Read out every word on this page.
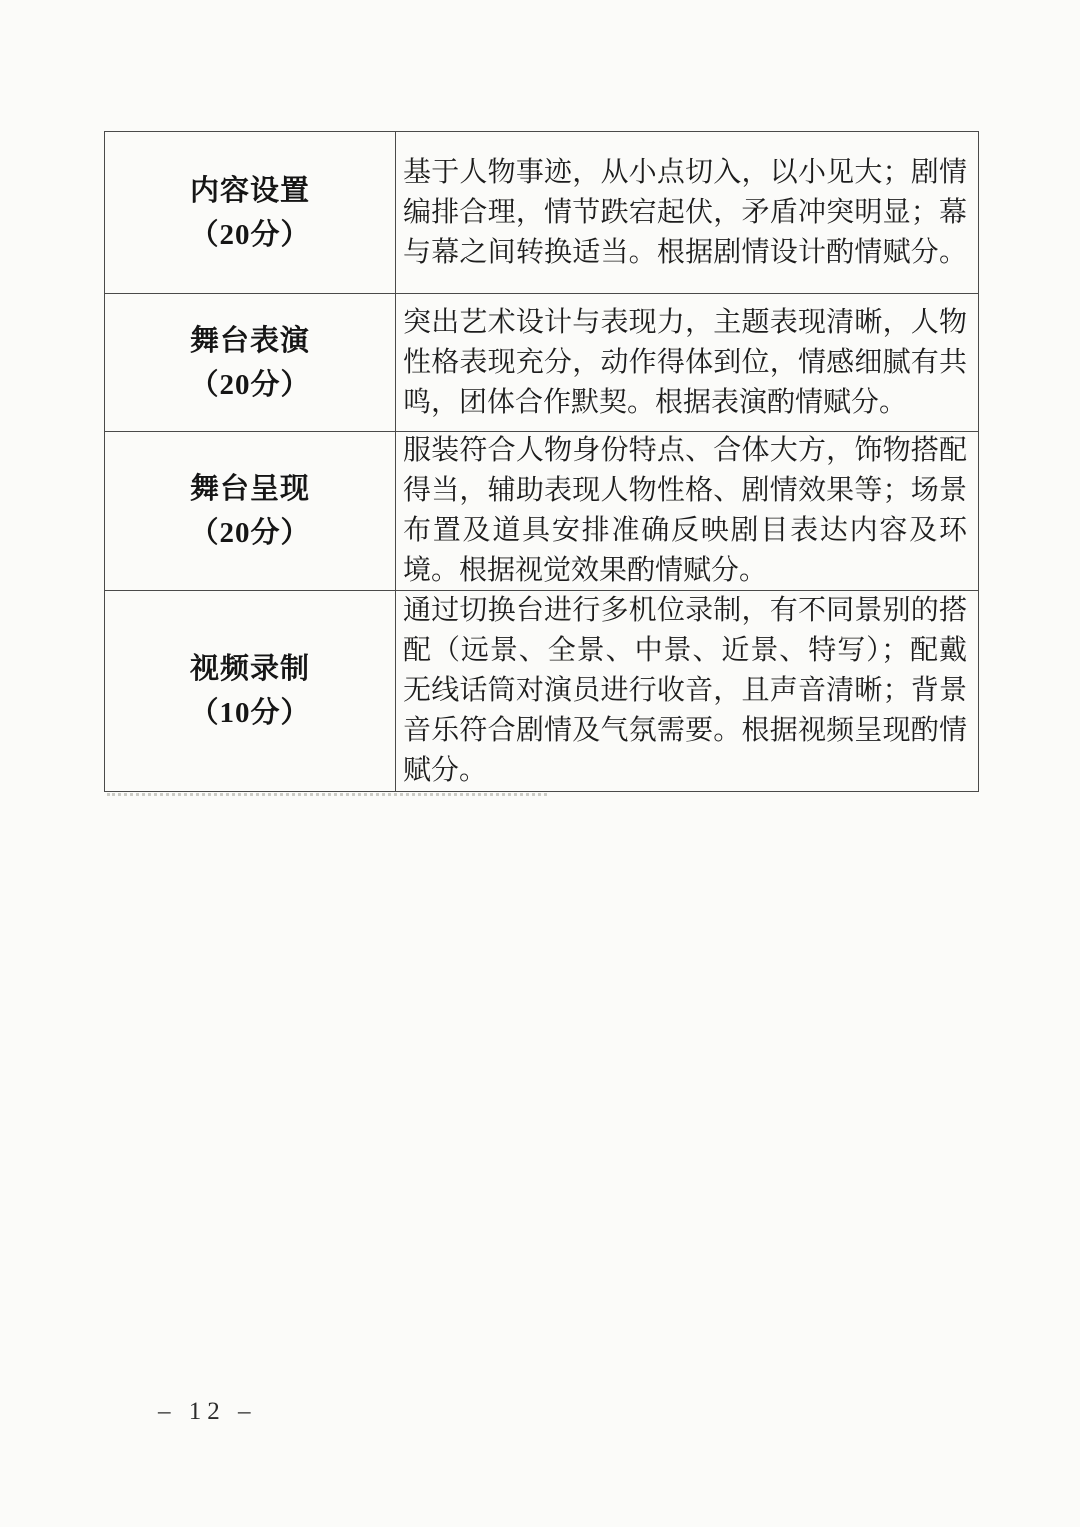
内容设置
（20分）
基于人物事迹，从小点切入，以小见大；剧情
编排合理，情节跌宕起伏，矛盾冲突明显；幕
与幕之间转换适当。根据剧情设计酌情赋分。
舞台表演
（20分）
突出艺术设计与表现力，主题表现清晰，人物
性格表现充分，动作得体到位，情感细腻有共
鸣，团体合作默契。根据表演酌情赋分。
舞台呈现
（20分）
服装符合人物身份特点、合体大方，饰物搭配
得当，辅助表现人物性格、剧情效果等；场景
布置及道具安排准确反映剧目表达内容及环
境。根据视觉效果酌情赋分。
视频录制
（10分）
通过切换台进行多机位录制，有不同景别的搭
配（远景、全景、中景、近景、特写）；配戴
无线话筒对演员进行收音，且声音清晰；背景
音乐符合剧情及气氛需要。根据视频呈现酌情
赋分。
– 12 –
